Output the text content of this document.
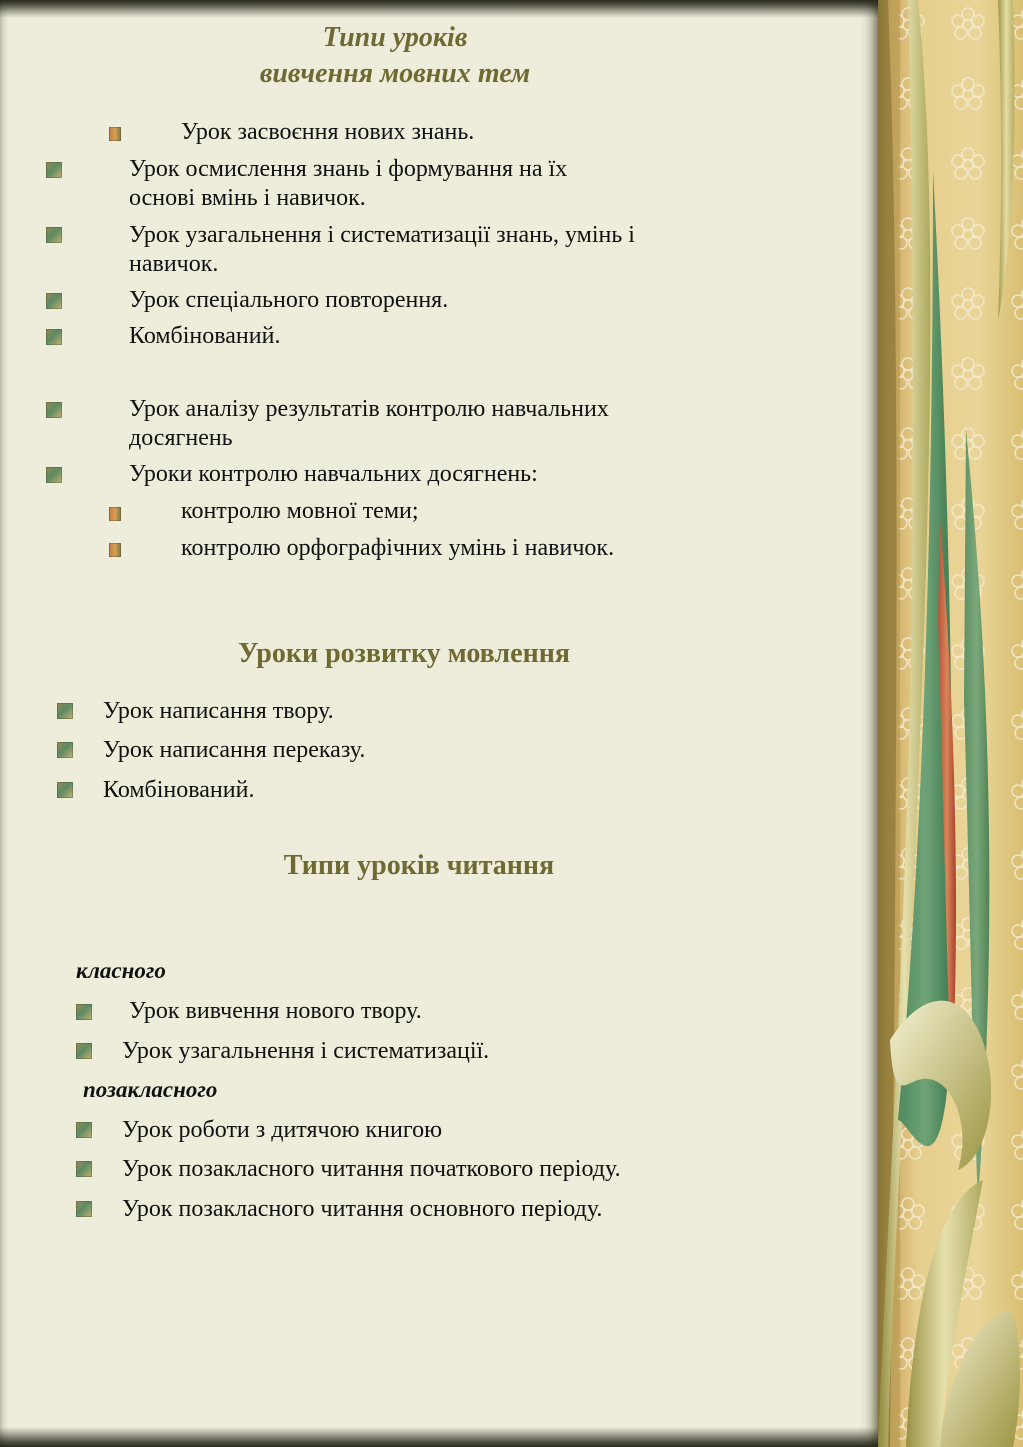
Типи уроків
вивчення мовних тем
Урок засвоєння нових знань.
Урок осмислення знань і формування на їх
основі вмінь і навичок.
Урок узагальнення і систематизації знань, умінь і
навичок.
Урок спеціального повторення.
Комбінований.
Урок аналізу результатів контролю навчальних
досягнень
Уроки контролю навчальних досягнень:
контролю мовної теми;
контролю орфографічних умінь і навичок.
Уроки розвитку мовлення
Урок написання твору.
Урок написання переказу.
Комбінований.
Типи уроків читання
класного
Урок вивчення нового твору.
Урок узагальнення і систематизації.
позакласного
Урок роботи з дитячою книгою
Урок позакласного читання початкового періоду.
Урок позакласного читання основного періоду.
